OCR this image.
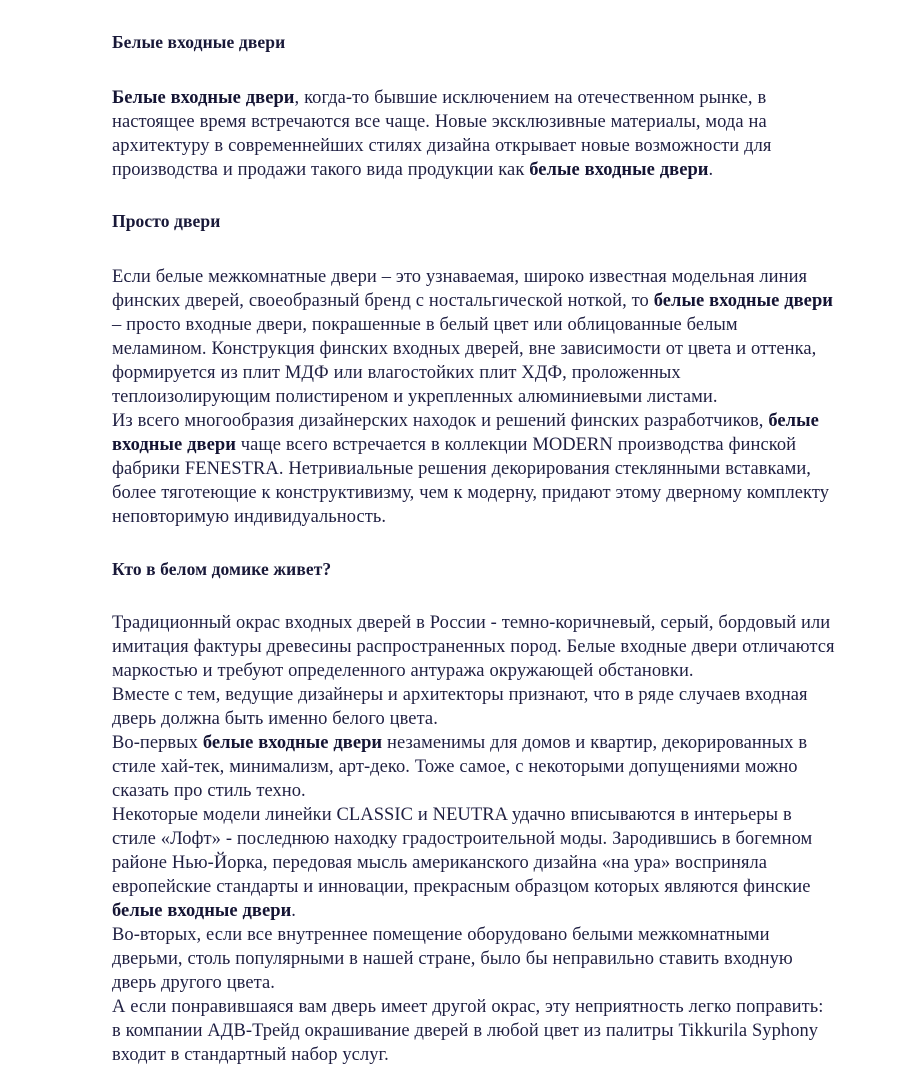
Белые входные двери

Белые входные двери, когда-то бывшие исключением на отечественном рынке, в настоящее время встречаются все чаще. Новые эксклюзивные материалы, мода на архитектуру в современнейших стилях дизайна открывает новые возможности для производства и продажи такого вида продукции как белые входные двери.

Просто двери

Если белые межкомнатные двери – это узнаваемая, широко известная модельная линия финских дверей, своеобразный бренд с ностальгической ноткой, то белые входные двери – просто входные двери, покрашенные в белый цвет или облицованные белым меламином. Конструкция финских входных дверей, вне зависимости от цвета и оттенка, формируется из плит МДФ или влагостойких плит ХДФ, проложенных теплоизолирующим полистиреном и укрепленных алюминиевыми листами.

Из всего многообразия дизайнерских находок и решений финских разработчиков, белые входные двери чаще всего встречается в коллекции MODERN производства финской фабрики FENESTRA. Нетривиальные решения декорирования стеклянными вставками, более тяготеющие к конструктивизму, чем к модерну, придают этому дверному комплекту неповторимую индивидуальность.

Кто в белом домике живет?

Традиционный окрас входных дверей в России - темно-коричневый, серый, бордовый или имитация фактуры древесины распространенных пород. Белые входные двери отличаются маркостью и требуют определенного антуража окружающей обстановки.

Вместе с тем, ведущие дизайнеры и архитекторы признают, что в ряде случаев входная дверь должна быть именно белого цвета.

Во-первых белые входные двери незаменимы для домов и квартир, декорированных в стиле хай-тек, минимализм, арт-деко. Тоже самое, с некоторыми допущениями можно сказать про стиль техно.

Некоторые модели линейки CLASSIC и NEUTRA удачно вписываются в интерьеры в стиле «Лофт» - последнюю находку градостроительной моды. Зародившись в богемном районе Нью-Йорка, передовая мысль американского дизайна «на ура» восприняла европейские стандарты и инновации, прекрасным образцом которых являются финские белые входные двери.

Во-вторых, если все внутреннее помещение оборудовано белыми межкомнатными дверьми, столь популярными в нашей стране, было бы неправильно ставить входную дверь другого цвета.

А если понравившаяся вам дверь имеет другой окрас, эту неприятность легко поправить: в компании АДВ-Трейд окрашивание дверей в любой цвет из палитры Tikkurila Syphony входит в стандартный набор услуг.
